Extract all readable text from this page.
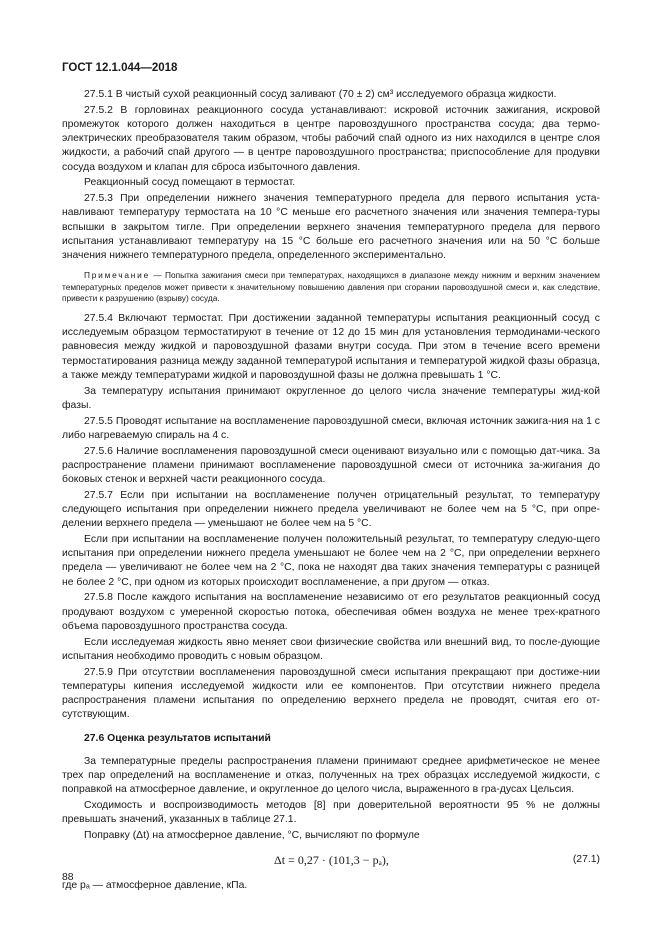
ГОСТ 12.1.044—2018

27.5.1 В чистый сухой реакционный сосуд заливают (70 ± 2) см³ исследуемого образца жидкости.

27.5.2 В горловинах реакционного сосуда устанавливают: искровой источник зажигания, искровой промежуток которого должен находиться в центре паровоздушного пространства сосуда; два термо-электрических преобразователя таким образом, чтобы рабочий спай одного из них находился в центре слоя жидкости, а рабочий спай другого — в центре паровоздушного пространства; приспособление для продувки сосуда воздухом и клапан для сброса избыточного давления.

Реакционный сосуд помещают в термостат.

27.5.3 При определении нижнего значения температурного предела для первого испытания уста-навливают температуру термостата на 10 °С меньше его расчетного значения или значения темпера-туры вспышки в закрытом тигле. При определении верхнего значения температурного предела для первого испытания устанавливают температуру на 15 °С больше его расчетного значения или на 50 °С больше значения нижнего температурного предела, определенного экспериментально.

Примечание — Попытка зажигания смеси при температурах, находящихся в диапазоне между нижним и верхним значением температурных пределов может привести к значительному повышению давления при сгорании паровоздушной смеси и, как следствие, привести к разрушению (взрыву) сосуда.

27.5.4 Включают термостат. При достижении заданной температуры испытания реакционный сосуд с исследуемым образцом термостатируют в течение от 12 до 15 мин для установления термодинами-ческого равновесия между жидкой и паровоздушной фазами внутри сосуда. При этом в течение всего времени термостатирования разница между заданной температурой испытания и температурой жидкой фазы образца, а также между температурами жидкой и паровоздушной фазы не должна превышать 1 °С.

За температуру испытания принимают округленное до целого числа значение температуры жид-кой фазы.

27.5.5 Проводят испытание на воспламенение паровоздушной смеси, включая источник зажига-ния на 1 с либо нагреваемую спираль на 4 с.

27.5.6 Наличие воспламенения паровоздушной смеси оценивают визуально или с помощью дат-чика. За распространение пламени принимают воспламенение паровоздушной смеси от источника за-жигания до боковых стенок и верхней части реакционного сосуда.

27.5.7 Если при испытании на воспламенение получен отрицательный результат, то температуру следующего испытания при определении нижнего предела увеличивают не более чем на 5 °С, при опре-делении верхнего предела — уменьшают не более чем на 5 °С.

Если при испытании на воспламенение получен положительный результат, то температуру следую-щего испытания при определении нижнего предела уменьшают не более чем на 2 °С, при определении верхнего предела — увеличивают не более чем на 2 °С, пока не находят два таких значения температуры с разницей не более 2 °С, при одном из которых происходит воспламенение, а при другом — отказ.

27.5.8 После каждого испытания на воспламенение независимо от его результатов реакционный сосуд продувают воздухом с умеренной скоростью потока, обеспечивая обмен воздуха не менее трех-кратного объема паровоздушного пространства сосуда.

Если исследуемая жидкость явно меняет свои физические свойства или внешний вид, то после-дующие испытания необходимо проводить с новым образцом.

27.5.9 При отсутствии воспламенения паровоздушной смеси испытания прекращают при достиже-нии температуры кипения исследуемой жидкости или ее компонентов. При отсутствии нижнего предела распространения пламени испытания по определению верхнего предела не проводят, считая его от-сутствующим.

27.6 Оценка результатов испытаний

За температурные пределы распространения пламени принимают среднее арифметическое не менее трех пар определений на воспламенение и отказ, полученных на трех образцах исследуемой жидкости, с поправкой на атмосферное давление, и округленное до целого числа, выраженного в гра-дусах Цельсия.

Сходимость и воспроизводимость методов [8] при доверительной вероятности 95 % не должны превышать значений, указанных в таблице 27.1.

Поправку (Δt) на атмосферное давление, °С, вычисляют по формуле

Δt = 0,27 · (101,3 − pₐ),	(27.1)

где pₐ — атмосферное давление, кПа.

88
